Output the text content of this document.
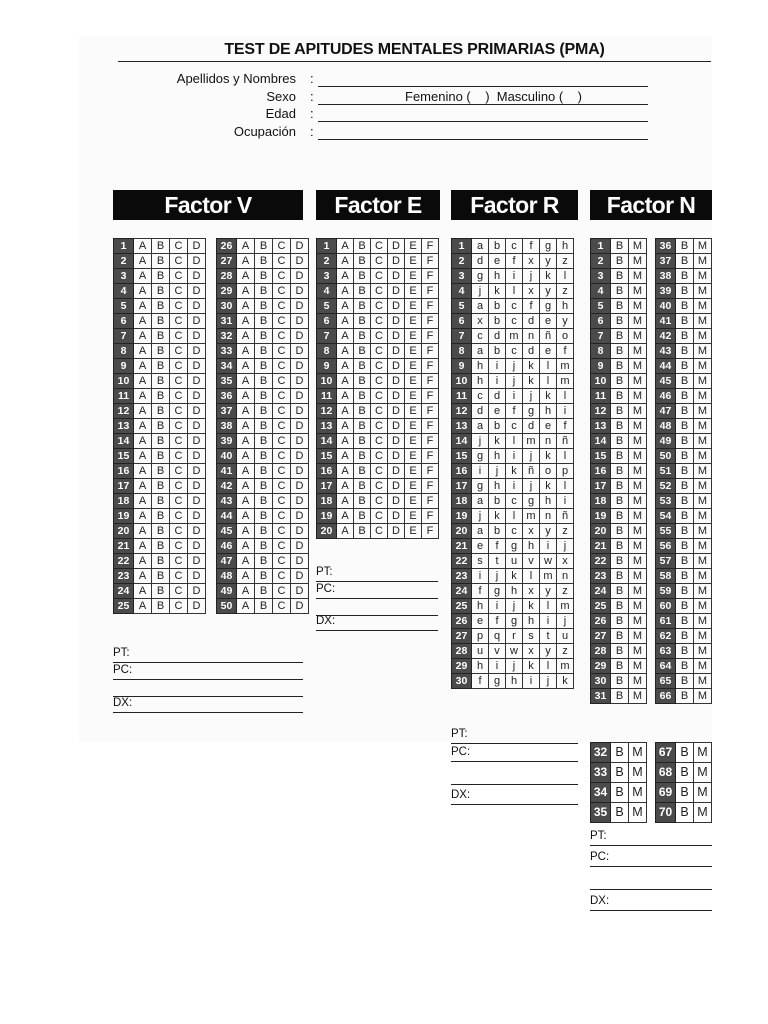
TEST DE APITUDES MENTALES PRIMARIAS (PMA)
Apellidos y Nombres :
Sexo :	Femenino (    )  Masculino (    )
Edad :
Ocupación :
Factor V	Factor E	Factor R	Factor N
1	A	B	C	D
2	A	B	C	D
3	A	B	C	D
4	A	B	C	D
5	A	B	C	D
6	A	B	C	D
7	A	B	C	D
8	A	B	C	D
9	A	B	C	D
10	A	B	C	D
11	A	B	C	D
12	A	B	C	D
13	A	B	C	D
14	A	B	C	D
15	A	B	C	D
16	A	B	C	D
17	A	B	C	D
18	A	B	C	D
19	A	B	C	D
20	A	B	C	D
21	A	B	C	D
22	A	B	C	D
23	A	B	C	D
24	A	B	C	D
25	A	B	C	D
26	A	B	C	D
27	A	B	C	D
28	A	B	C	D
29	A	B	C	D
30	A	B	C	D
31	A	B	C	D
32	A	B	C	D
33	A	B	C	D
34	A	B	C	D
35	A	B	C	D
36	A	B	C	D
37	A	B	C	D
38	A	B	C	D
39	A	B	C	D
40	A	B	C	D
41	A	B	C	D
42	A	B	C	D
43	A	B	C	D
44	A	B	C	D
45	A	B	C	D
46	A	B	C	D
47	A	B	C	D
48	A	B	C	D
49	A	B	C	D
50	A	B	C	D
1	A	B	C	D	E	F
2	A	B	C	D	E	F
3	A	B	C	D	E	F
4	A	B	C	D	E	F
5	A	B	C	D	E	F
6	A	B	C	D	E	F
7	A	B	C	D	E	F
8	A	B	C	D	E	F
9	A	B	C	D	E	F
10	A	B	C	D	E	F
11	A	B	C	D	E	F
12	A	B	C	D	E	F
13	A	B	C	D	E	F
14	A	B	C	D	E	F
15	A	B	C	D	E	F
16	A	B	C	D	E	F
17	A	B	C	D	E	F
18	A	B	C	D	E	F
19	A	B	C	D	E	F
20	A	B	C	D	E	F
1	a	b	c	f	g	h
2	d	e	f	x	y	z
3	g	h	i	j	k	l
4	j	k	l	x	y	z
5	a	b	c	f	g	h
6	x	b	c	d	e	y
7	c	d	m	n	ñ	o
8	a	b	c	d	e	f
9	h	i	j	k	l	m
10	h	i	j	k	l	m
11	c	d	i	j	k	l
12	d	e	f	g	h	i
13	a	b	c	d	e	f
14	j	k	l	m	n	ñ
15	g	h	i	j	k	l
16	i	j	k	ñ	o	p
17	g	h	i	j	k	l
18	a	b	c	g	h	i
19	j	k	l	m	n	ñ
20	a	b	c	x	y	z
21	e	f	g	h	i	j
22	s	t	u	v	w	x
23	i	j	k	l	m	n
24	f	g	h	x	y	z
25	h	i	j	k	l	m
26	e	f	g	h	i	j
27	p	q	r	s	t	u
28	u	v	w	x	y	z
29	h	i	j	k	l	m
30	f	g	h	i	j	k
1	B	M
2	B	M
3	B	M
4	B	M
5	B	M
6	B	M
7	B	M
8	B	M
9	B	M
10	B	M
11	B	M
12	B	M
13	B	M
14	B	M
15	B	M
16	B	M
17	B	M
18	B	M
19	B	M
20	B	M
21	B	M
22	B	M
23	B	M
24	B	M
25	B	M
26	B	M
27	B	M
28	B	M
29	B	M
30	B	M
31	B	M
32	B	M
33	B	M
34	B	M
35	B	M
36	B	M
37	B	M
38	B	M
39	B	M
40	B	M
41	B	M
42	B	M
43	B	M
44	B	M
45	B	M
46	B	M
47	B	M
48	B	M
49	B	M
50	B	M
51	B	M
52	B	M
53	B	M
54	B	M
55	B	M
56	B	M
57	B	M
58	B	M
59	B	M
60	B	M
61	B	M
62	B	M
63	B	M
64	B	M
65	B	M
66	B	M
67	B	M
68	B	M
69	B	M
70	B	M
PT:
PC:
DX:
PT:
PC:
DX:
PT:
PC:
DX:
PT:
PC:
DX:
